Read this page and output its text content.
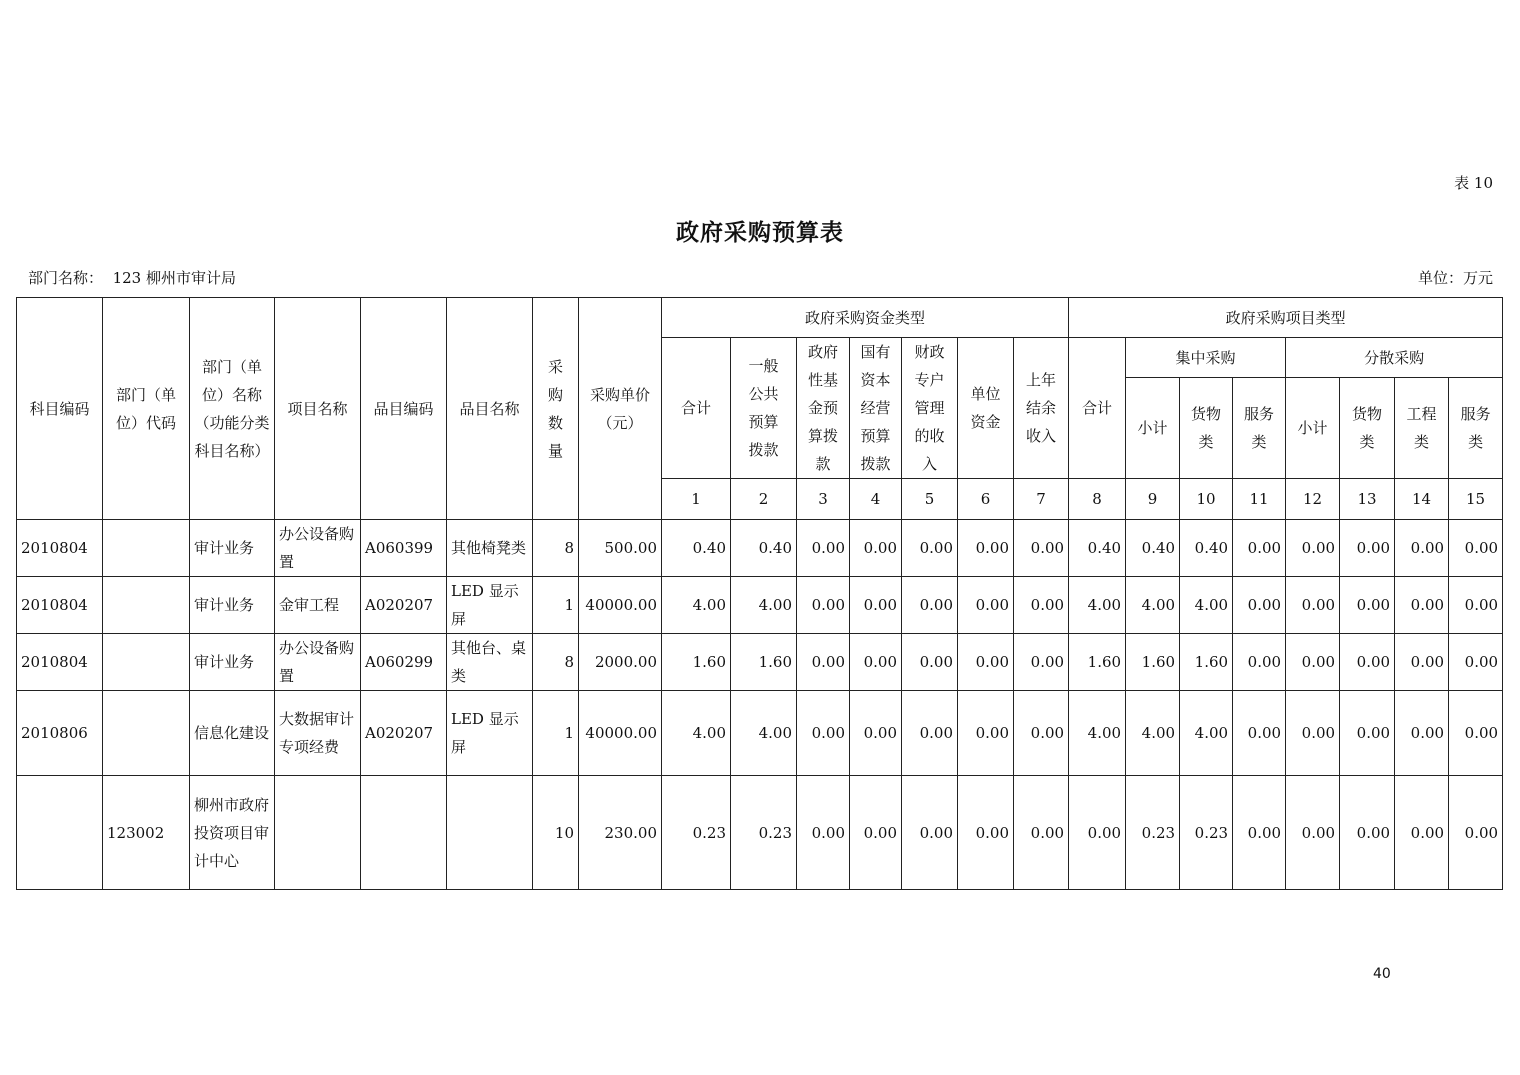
表 10
政府采购预算表
部门名称： 123 柳州市审计局	单位：万元
科目编码	部门（单位）代码	部门（单位）名称（功能分类科目名称）	项目名称	品目编码	品目名称	采购数量	采购单价（元）	政府采购资金类型							政府采购项目类型							
								合计	一般公共预算拨款	政府性基金预算拨款	国有资本经营预算拨款	财政专户管理的收入	单位资金	上年结余收入	合计	集中采购			分散采购			
																小计	货物类	服务类	小计	货物类	工程类	服务类
								1	2	3	4	5	6	7	8	9	10	11	12	13	14	15
2010804		审计业务	办公设备购置	A060399	其他椅凳类	8	500.00	0.40	0.40	0.00	0.00	0.00	0.00	0.00	0.40	0.40	0.40	0.00	0.00	0.00	0.00	0.00
2010804		审计业务	金审工程	A020207	LED 显示屏	1	40000.00	4.00	4.00	0.00	0.00	0.00	0.00	0.00	4.00	4.00	4.00	0.00	0.00	0.00	0.00	0.00
2010804		审计业务	办公设备购置	A060299	其他台、桌类	8	2000.00	1.60	1.60	0.00	0.00	0.00	0.00	0.00	1.60	1.60	1.60	0.00	0.00	0.00	0.00	0.00
2010806		信息化建设	大数据审计专项经费	A020207	LED 显示屏	1	40000.00	4.00	4.00	0.00	0.00	0.00	0.00	0.00	4.00	4.00	4.00	0.00	0.00	0.00	0.00	0.00
	123002	柳州市政府投资项目审计中心				10	230.00	0.23	0.23	0.00	0.00	0.00	0.00	0.00	0.00	0.23	0.23	0.00	0.00	0.00	0.00	0.00
40
